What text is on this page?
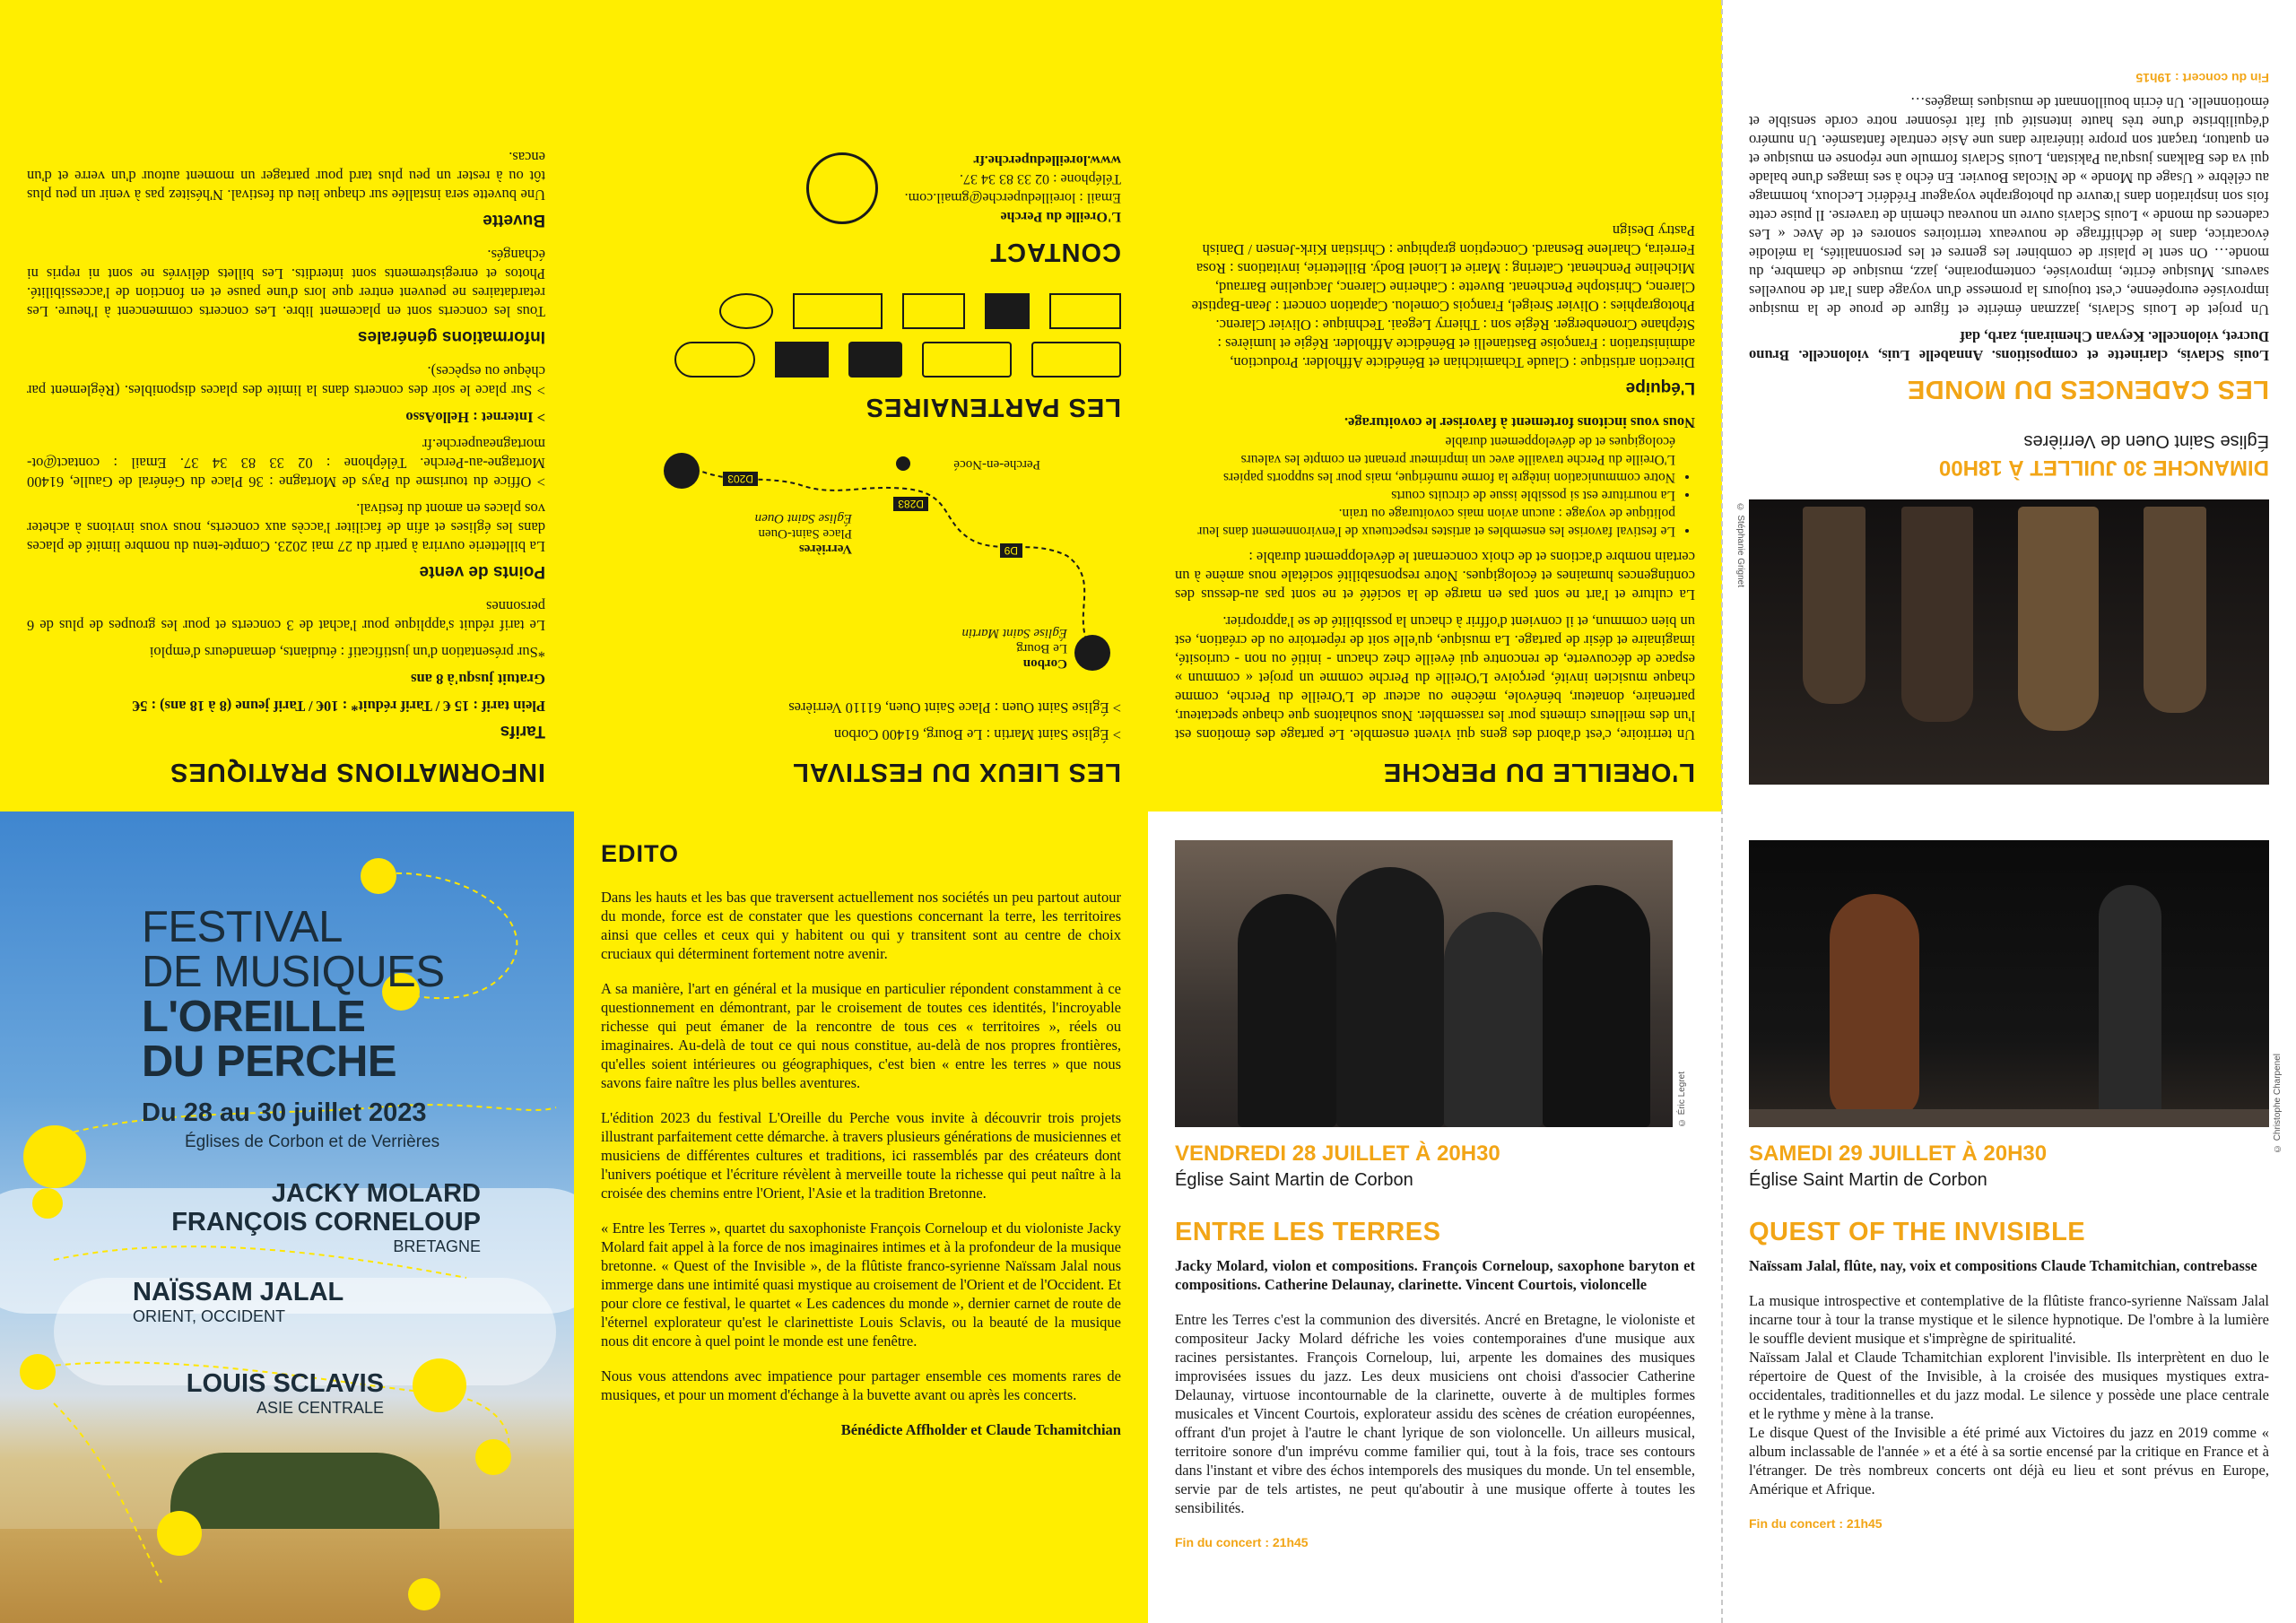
INFORMATIONS PRATIQUES
Tarifs

Plein tarif : 15 € / Tarif réduit* : 10€ / Tarif jeune (8 à 18 ans) : 5€

Gratuit jusqu'à 8 ans

*Sur présentation d'un justificatif : étudiants, demandeurs d'emploi

Le tarif réduit s'applique pour l'achat de 3 concerts et pour les groupes de plus de 6 personnes

Points de vente

La billetterie ouvrira à partir du 27 mai 2023. Compte-tenu du nombre limité de places dans les églises et afin de faciliter l'accès aux concerts, nous vous invitons à acheter vos places en amont du festival.

> Office du tourisme du Pays de Mortagne : 36 Place du Général de Gaulle, 61400 Mortagne-au-Perche. Téléphone : 02 33 83 34 37. Email : contact@ot-mortagneauperche.fr

> Internet : HelloAsso

> Sur place le soir des concerts dans la limite des places disponibles. (Règlement par chèque ou espèces).

Informations générales

Tous les concerts sont en placement libre. Les concerts commencent à l'heure. Les retardataires ne peuvent entrer que lors d'une pause et en fonction de l'accessibilité. Photos et enregistrements sont interdits. Les billets délivrés ne sont ni repris ni échangés.

Buvette

Une buvette sera installée sur chaque lieu du festival. N'hésitez pas à venir un peu plus tôt ou à rester un peu plus tard pour partager un moment autour d'un verre et d'un encas.

LES LIEUX DU FESTIVAL

> Église Saint Martin : Le Bourg, 61400 Corbon

> Église Saint Ouen : Place Saint Ouen, 61110 Verrières

Corbon
Le Bourg
Église Saint Martin
D9
D283
D203
Verrières
Place Saint-Ouen
Église Saint Ouen
Perche-en-Nocé
LES PARTENAIRES
CONTACT
L'Oreille du Perche
Email : loreilleduperche@gmail.com.
Téléphone : 02 33 83 34 37.
www.loreilleduperche.fr
L'OREILLE DU PERCHE

Un territoire, c'est d'abord des gens qui vivent ensemble. Le partage des émotions est l'un des meilleurs ciments pour les rassembler. Nous souhaitons que chaque spectateur, partenaire, donateur, bénévole, mécène ou acteur de L'Oreille du Perche, comme chaque musicien invité, perçoive L'Oreille du Perche comme un projet « commun » espace de découverte, de rencontre qui éveille chez chacun - initié ou non - curiosité, imaginaire et désir de partage. La musique, qu'elle soit de répertoire ou de création, est un bien commun, et il convient d'offrir à chacun la possibilité de se l'approprier.

La culture et l'art ne sont pas en marge de la société et ne sont pas au-dessus des contingences humaines et écologiques. Notre responsabilité sociétale nous amène à un certain nombre d'actions et de choix concernant le développement durable :

• Le festival favorise les ensembles et artistes respectueux de l'environnement dans leur politique de voyage : aucun avion mais covoiturage ou train.
• La nourriture est si possible issue de circuits courts
• Notre communication intègre la forme numérique, mais pour les supports papiers L'Oreille du Perche travaille avec un imprimeur prenant en compte les valeurs écologiques et de développement durable

Nous vous incitons fortement à favoriser le covoiturage.

L'équipe

Direction artistique : Claude Tchamitchian et Bénédicte Affholder. Production, administration : Françoise Bastianelli et Bénédicte Affholder. Régie et lumières : Stéphane Cronenberger. Régie son : Thierry Legeai. Technique : Olivier Clarenc. Photographies : Olivier Sreigel, François Comelou. Captation concert : Jean-Baptiste Clarenc, Christophe Penchenat. Buvette : Catherine Clarenc, Jacqueline Barraud, Micheline Penchenat. Catering : Marie et Lionel Body. Billetterie, invitations : Rosa Ferreira, Charlene Besnard. Conception graphique : Christian Kirk-Jensen / Danish Pastry Design

© Stéphanie Grignet
DIMANCHE 30 JUILLET À 18H00
Église Saint Ouen de Verrières
LES CADENCES DU MONDE

Louis Sclavis, clarinette et compositions. Annabelle Luis, violoncelle. Bruno Ducret, violoncelle. Keyvan Chemirani, zarb, daf

Un projet de Louis Sclavis, jazzman émérite et figure de proue de la musique improvisée européenne, c'est toujours la promesse d'un voyage dans l'art de nouvelles saveurs. Musique écrite, improvisée, contemporaine, jazz, musique de chambre, du monde… On sent le plaisir de combiner les genres et les personnalités, la mélodie évocatrice, dans le déchiffrage de nouveaux territoires sonores et de Avec « Les cadences du monde » Louis Sclavis ouvre un nouveau chemin de traverse. Il puise cette fois son inspiration dans l'œuvre du photographe voyageur Frédéric Lecloux, hommage au célèbre « Usage du Monde » de Nicolas Bouvier. En écho à ses images d'une balade qui va des Balkans jusqu'au Pakistan, Louis Sclavis formule une réponse en musique et en quatuor, traçant son propre itinéraire dans une Asie centrale fantasmée. Un numéro d'équilibriste d'une très haute intensité qui fait résonner notre corde sensible et émotionnelle. Un écrin bouillonnant de musiques imagées…

Fin du concert : 19h15
FESTIVAL
DE MUSIQUES
L'OREILLE
DU PERCHE
Du 28 au 30 juillet 2023
Églises de Corbon et de Verrières
JACKY MOLARD
FRANÇOIS CORNELOUP
BRETAGNE
NAÏSSAM JALAL
ORIENT, OCCIDENT
LOUIS SCLAVIS
ASIE CENTRALE
EDITO

Dans les hauts et les bas que traversent actuellement nos sociétés un peu partout autour du monde, force est de constater que les questions concernant la terre, les territoires ainsi que celles et ceux qui y habitent ou qui y transitent sont au centre de choix cruciaux qui déterminent fortement notre avenir.

A sa manière, l'art en général et la musique en particulier répondent constamment à ce questionnement en démontrant, par le croisement de toutes ces identités, l'incroyable richesse qui peut émaner de la rencontre de tous ces « territoires », réels ou imaginaires. Au-delà de tout ce qui nous constitue, au-delà de nos propres frontières, qu'elles soient intérieures ou géographiques, c'est bien « entre les terres » que nous savons faire naître les plus belles aventures.

L'édition 2023 du festival L'Oreille du Perche vous invite à découvrir trois projets illustrant parfaitement cette démarche. à travers plusieurs générations de musiciennes et musiciens de différentes cultures et traditions, ici rassemblés par des créateurs dont l'univers poétique et l'écriture révèlent à merveille toute la richesse qui peut naître à la croisée des chemins entre l'Orient, l'Asie et la tradition Bretonne.

« Entre les Terres », quartet du saxophoniste François Corneloup et du violoniste Jacky Molard fait appel à la force de nos imaginaires intimes et à la profondeur de la musique bretonne. « Quest of the Invisible », de la flûtiste franco-syrienne Naïssam Jalal nous immerge dans une intimité quasi mystique au croisement de l'Orient et de l'Occident. Et pour clore ce festival, le quartet « Les cadences du monde », dernier carnet de route de l'éternel explorateur qu'est le clarinettiste Louis Sclavis, ou la beauté de la musique nous dit encore à quel point le monde est une fenêtre.

Nous vous attendons avec impatience pour partager ensemble ces moments rares de musiques, et pour un moment d'échange à la buvette avant ou après les concerts.

Bénédicte Affholder et Claude Tchamitchian

© Éric Legret
VENDREDI 28 JUILLET À 20H30
Église Saint Martin de Corbon
ENTRE LES TERRES

Jacky Molard, violon et compositions. François Corneloup, saxophone baryton et compositions. Catherine Delaunay, clarinette. Vincent Courtois, violoncelle

Entre les Terres c'est la communion des diversités. Ancré en Bretagne, le violoniste et compositeur Jacky Molard défriche les voies contemporaines d'une musique aux racines persistantes. François Corneloup, lui, arpente les domaines des musiques improvisées issues du jazz. Les deux musiciens ont choisi d'associer Catherine Delaunay, virtuose incontournable de la clarinette, ouverte à de multiples formes musicales et Vincent Courtois, explorateur assidu des scènes de création européennes, offrant d'un projet à l'autre le chant lyrique de son violoncelle. Un ailleurs musical, territoire sonore d'un imprévu comme familier qui, tout à la fois, trace ses contours dans l'instant et vibre des échos intemporels des musiques du monde. Un tel ensemble, servie par de tels artistes, ne peut qu'aboutir à une musique offerte à toutes les sensibilités.

Fin du concert : 21h45
© Christophe Charpenel
SAMEDI 29 JUILLET À 20H30
Église Saint Martin de Corbon
QUEST OF THE INVISIBLE

Naïssam Jalal, flûte, nay, voix et compositions Claude Tchamitchian, contrebasse

La musique introspective et contemplative de la flûtiste franco-syrienne Naïssam Jalal incarne tour à tour la transe mystique et le silence hypnotique. De l'ombre à la lumière le souffle devient musique et s'imprègne de spiritualité.

Naïssam Jalal et Claude Tchamitchian explorent l'invisible. Ils interprètent en duo le répertoire de Quest of the Invisible, à la croisée des musiques mystiques extra-occidentales, traditionnelles et du jazz modal. Le silence y possède une place centrale et le rythme y mène à la transe.

Le disque Quest of the Invisible a été primé aux Victoires du jazz en 2019 comme « album inclassable de l'année » et a été à sa sortie encensé par la critique en France et à l'étranger. De très nombreux concerts ont déjà eu lieu et sont prévus en Europe, Amérique et Afrique.

Fin du concert : 21h45
